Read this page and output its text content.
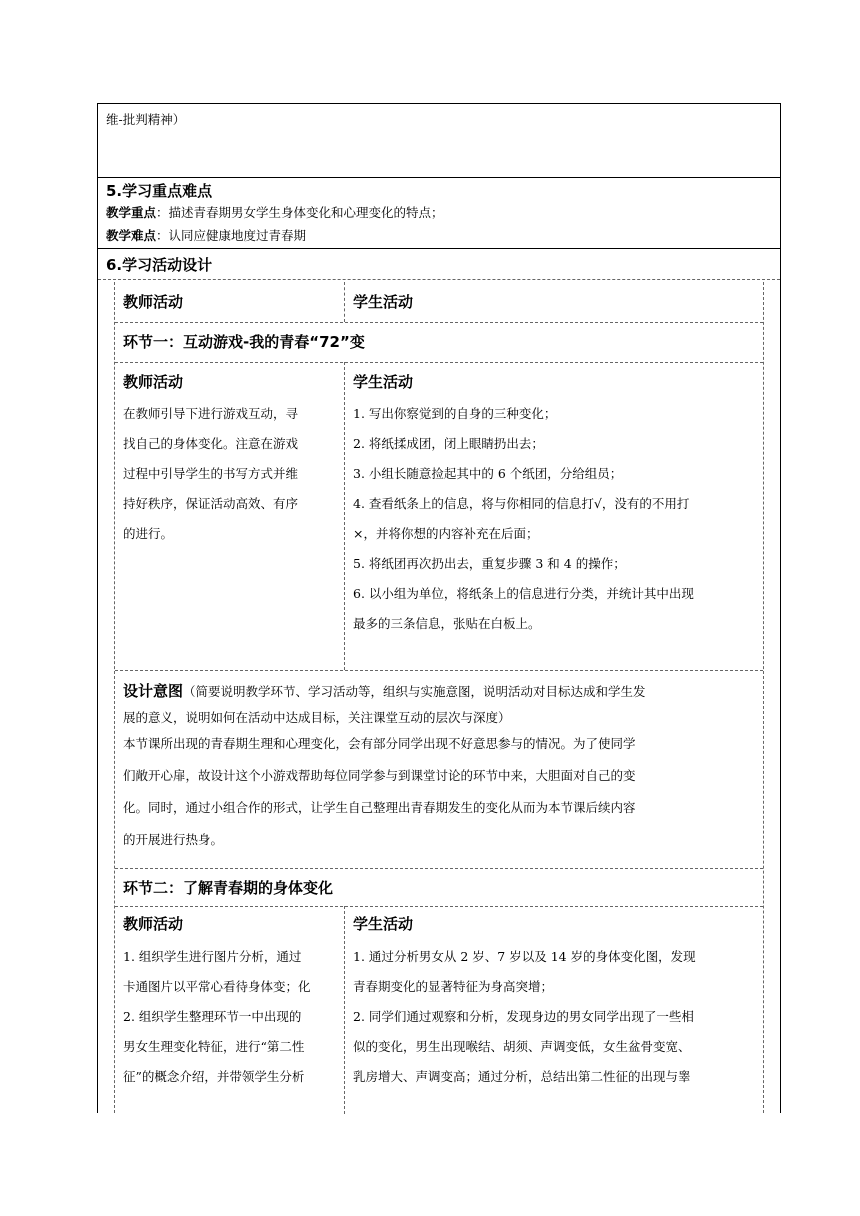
维-批判精神）
5.学习重点难点
教学重点：描述青春期男女学生身体变化和心理变化的特点；
教学难点：认同应健康地度过青春期
6.学习活动设计
教师活动	学生活动
环节一：互动游戏-我的青春“72”变
教师活动	学生活动
在教师引导下进行游戏互动，寻
找自己的身体变化。注意在游戏
过程中引导学生的书写方式并维
持好秩序，保证活动高效、有序
的进行。
1. 写出你察觉到的自身的三种变化；
2. 将纸揉成团，闭上眼睛扔出去；
3. 小组长随意捡起其中的 6 个纸团，分给组员；
4. 查看纸条上的信息，将与你相同的信息打√，没有的不用打
×，并将你想的内容补充在后面；
5. 将纸团再次扔出去，重复步骤 3 和 4 的操作；
6. 以小组为单位，将纸条上的信息进行分类，并统计其中出现
最多的三条信息，张贴在白板上。
设计意图（简要说明教学环节、学习活动等，组织与实施意图，说明活动对目标达成和学生发
展的意义，说明如何在活动中达成目标，关注课堂互动的层次与深度）
本节课所出现的青春期生理和心理变化，会有部分同学出现不好意思参与的情况。为了使同学
们敞开心扉，故设计这个小游戏帮助每位同学参与到课堂讨论的环节中来，大胆面对自己的变
化。同时，通过小组合作的形式，让学生自己整理出青春期发生的变化从而为本节课后续内容
的开展进行热身。
环节二：了解青春期的身体变化
教师活动	学生活动
1. 组织学生进行图片分析，通过
卡通图片以平常心看待身体变；化
2. 组织学生整理环节一中出现的
男女生理变化特征，进行“第二性
征”的概念介绍，并带领学生分析
1. 通过分析男女从 2 岁、7 岁以及 14 岁的身体变化图，发现
青春期变化的显著特征为身高突增；
2. 同学们通过观察和分析，发现身边的男女同学出现了一些相
似的变化，男生出现喉结、胡须、声调变低，女生盆骨变宽、
乳房增大、声调变高；通过分析，总结出第二性征的出现与睾
